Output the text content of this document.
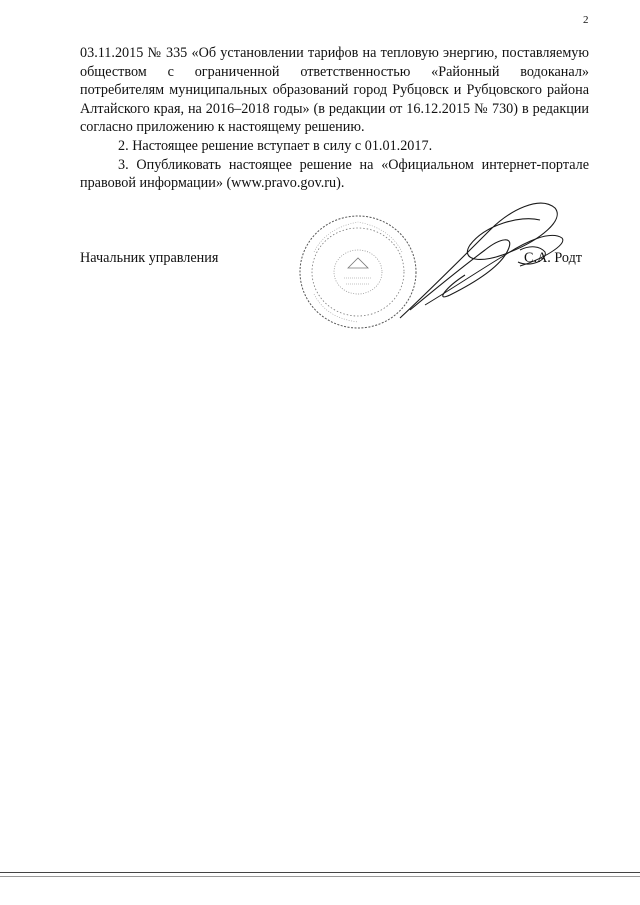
2

03.11.2015 № 335 «Об установлении тарифов на тепловую энергию, поставляемую обществом с ограниченной ответственностью «Районный водоканал» потребителям муниципальных образований город Рубцовск и Рубцовского района Алтайского края, на 2016–2018 годы» (в редакции от 16.12.2015 № 730) в редакции согласно приложению к настоящему решению.

2. Настоящее решение вступает в силу с 01.01.2017.

3. Опубликовать настоящее решение на «Официальном интернет-портале правовой информации» (www.pravo.gov.ru).

Начальник управления	С.А. Родт
